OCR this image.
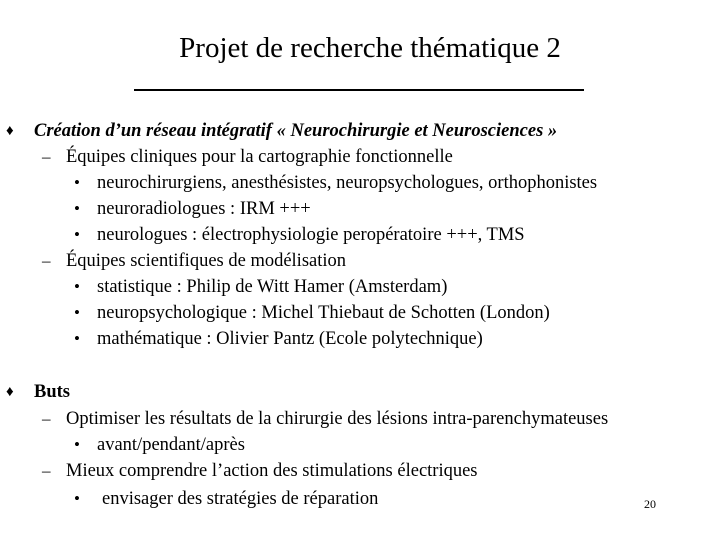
Projet de recherche thématique 2
♦ Création d’un réseau intégratif « Neurochirurgie et Neurosciences »
– Équipes cliniques pour la cartographie fonctionnelle
• neurochirurgiens, anesthésistes, neuropsychologues, orthophonistes
• neuroradiologues : IRM +++
• neurologues : électrophysiologie peropératoire +++, TMS
– Équipes scientifiques de modélisation
• statistique : Philip de Witt Hamer (Amsterdam)
• neuropsychologique : Michel Thiebaut de Schotten (London)
• mathématique : Olivier Pantz (Ecole polytechnique)
♦ Buts
– Optimiser les résultats de la chirurgie des lésions intra-parenchymateuses
• avant/pendant/après
– Mieux comprendre l’action des stimulations électriques
• envisager des stratégies de réparation	20
